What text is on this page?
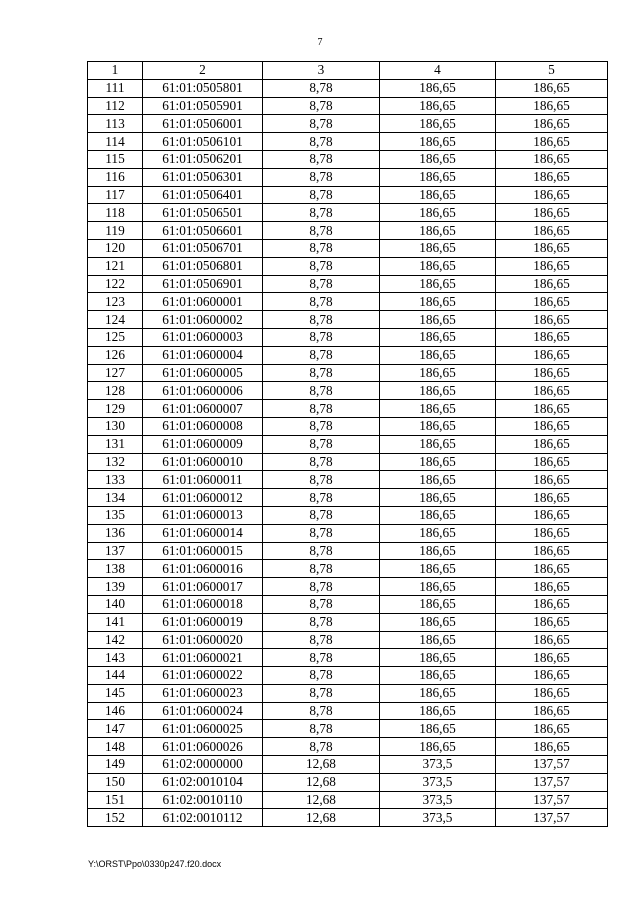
7
1	2	3	4	5
111	61:01:0505801	8,78	186,65	186,65
112	61:01:0505901	8,78	186,65	186,65
113	61:01:0506001	8,78	186,65	186,65
114	61:01:0506101	8,78	186,65	186,65
115	61:01:0506201	8,78	186,65	186,65
116	61:01:0506301	8,78	186,65	186,65
117	61:01:0506401	8,78	186,65	186,65
118	61:01:0506501	8,78	186,65	186,65
119	61:01:0506601	8,78	186,65	186,65
120	61:01:0506701	8,78	186,65	186,65
121	61:01:0506801	8,78	186,65	186,65
122	61:01:0506901	8,78	186,65	186,65
123	61:01:0600001	8,78	186,65	186,65
124	61:01:0600002	8,78	186,65	186,65
125	61:01:0600003	8,78	186,65	186,65
126	61:01:0600004	8,78	186,65	186,65
127	61:01:0600005	8,78	186,65	186,65
128	61:01:0600006	8,78	186,65	186,65
129	61:01:0600007	8,78	186,65	186,65
130	61:01:0600008	8,78	186,65	186,65
131	61:01:0600009	8,78	186,65	186,65
132	61:01:0600010	8,78	186,65	186,65
133	61:01:0600011	8,78	186,65	186,65
134	61:01:0600012	8,78	186,65	186,65
135	61:01:0600013	8,78	186,65	186,65
136	61:01:0600014	8,78	186,65	186,65
137	61:01:0600015	8,78	186,65	186,65
138	61:01:0600016	8,78	186,65	186,65
139	61:01:0600017	8,78	186,65	186,65
140	61:01:0600018	8,78	186,65	186,65
141	61:01:0600019	8,78	186,65	186,65
142	61:01:0600020	8,78	186,65	186,65
143	61:01:0600021	8,78	186,65	186,65
144	61:01:0600022	8,78	186,65	186,65
145	61:01:0600023	8,78	186,65	186,65
146	61:01:0600024	8,78	186,65	186,65
147	61:01:0600025	8,78	186,65	186,65
148	61:01:0600026	8,78	186,65	186,65
149	61:02:0000000	12,68	373,5	137,57
150	61:02:0010104	12,68	373,5	137,57
151	61:02:0010110	12,68	373,5	137,57
152	61:02:0010112	12,68	373,5	137,57
Y:\ORST\Ppo\0330p247.f20.docx
